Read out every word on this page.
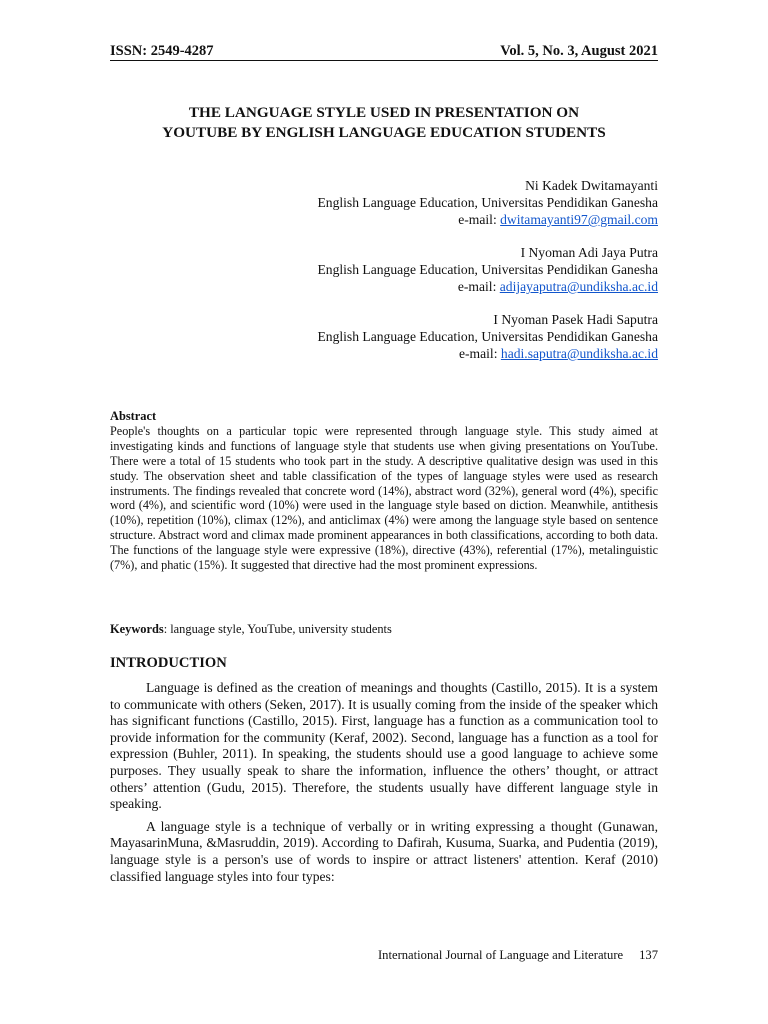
ISSN: 2549-4287	Vol. 5, No. 3, August 2021
THE LANGUAGE STYLE USED IN PRESENTATION ON
YOUTUBE BY ENGLISH LANGUAGE EDUCATION STUDENTS
Ni Kadek Dwitamayanti
English Language Education, Universitas Pendidikan Ganesha
e-mail: dwitamayanti97@gmail.com
I Nyoman Adi Jaya Putra
English Language Education, Universitas Pendidikan Ganesha
e-mail: adijayaputra@undiksha.ac.id
I Nyoman Pasek Hadi Saputra
English Language Education, Universitas Pendidikan Ganesha
e-mail: hadi.saputra@undiksha.ac.id
Abstract

People's thoughts on a particular topic were represented through language style. This study aimed at investigating kinds and functions of language style that students use when giving presentations on YouTube. There were a total of 15 students who took part in the study. A descriptive qualitative design was used in this study. The observation sheet and table classification of the types of language styles were used as research instruments. The findings revealed that concrete word (14%), abstract word (32%), general word (4%), specific word (4%), and scientific word (10%) were used in the language style based on diction. Meanwhile, antithesis (10%), repetition (10%), climax (12%), and anticlimax (4%) were among the language style based on sentence structure. Abstract word and climax made prominent appearances in both classifications, according to both data. The functions of the language style were expressive (18%), directive (43%), referential (17%), metalinguistic (7%), and phatic (15%). It suggested that directive had the most prominent expressions.

Keywords: language style, YouTube, university students
INTRODUCTION

Language is defined as the creation of meanings and thoughts (Castillo, 2015). It is a system to communicate with others (Seken, 2017). It is usually coming from the inside of the speaker which has significant functions (Castillo, 2015). First, language has a function as a communication tool to provide information for the community (Keraf, 2002). Second, language has a function as a tool for expression (Buhler, 2011). In speaking, the students should use a good language to achieve some purposes. They usually speak to share the information, influence the others’ thought, or attract others’ attention (Gudu, 2015). Therefore, the students usually have different language style in speaking.

A language style is a technique of verbally or in writing expressing a thought (Gunawan, MayasarinMuna, &Masruddin, 2019). According to Dafirah, Kusuma, Suarka, and Pudentia (2019), language style is a person's use of words to inspire or attract listeners' attention. Keraf (2010) classified language styles into four types:

International Journal of Language and Literature 137
